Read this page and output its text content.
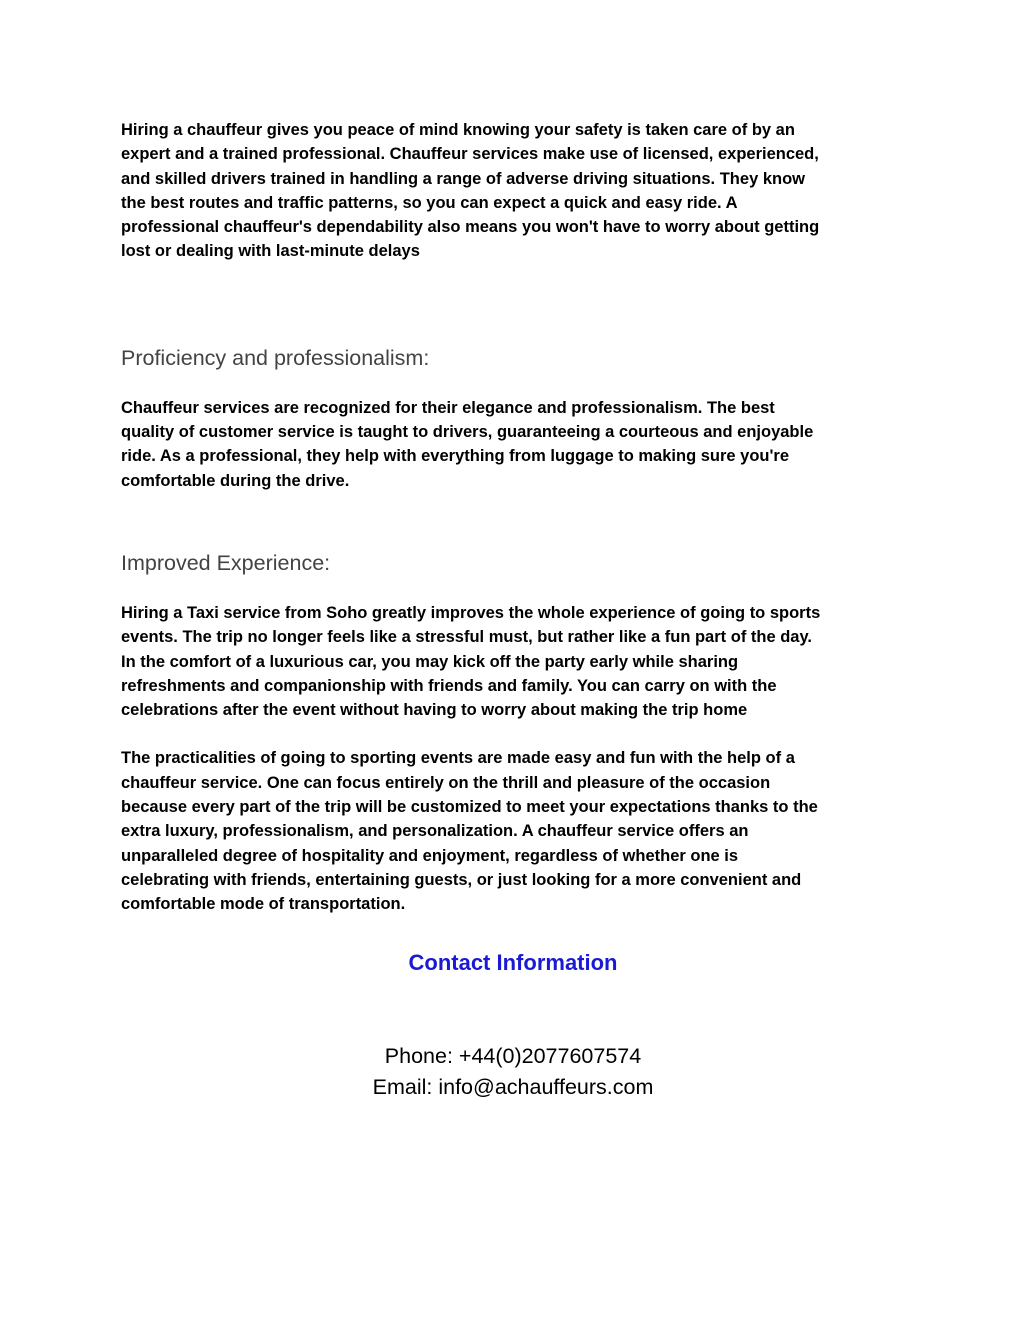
Hiring a chauffeur gives you peace of mind knowing your safety is taken care of by an
expert and a trained professional. Chauffeur services make use of licensed, experienced,
and skilled drivers trained in handling a range of adverse driving situations. They know
the best routes and traffic patterns, so you can expect a quick and easy ride. A
professional chauffeur's dependability also means you won't have to worry about getting
lost or dealing with last-minute delays

Proficiency and professionalism:

Chauffeur services are recognized for their elegance and professionalism. The best
quality of customer service is taught to drivers, guaranteeing a courteous and enjoyable
ride. As a professional, they help with everything from luggage to making sure you're
comfortable during the drive.

Improved Experience:

Hiring a Taxi service from Soho greatly improves the whole experience of going to sports
events. The trip no longer feels like a stressful must, but rather like a fun part of the day.
In the comfort of a luxurious car, you may kick off the party early while sharing
refreshments and companionship with friends and family. You can carry on with the
celebrations after the event without having to worry about making the trip home

The practicalities of going to sporting events are made easy and fun with the help of a
chauffeur service. One can focus entirely on the thrill and pleasure of the occasion
because every part of the trip will be customized to meet your expectations thanks to the
extra luxury, professionalism, and personalization. A chauffeur service offers an
unparalleled degree of hospitality and enjoyment, regardless of whether one is
celebrating with friends, entertaining guests, or just looking for a more convenient and
comfortable mode of transportation.

Contact Information

Phone: +44(0)2077607574

Email: info@achauffeurs.com
